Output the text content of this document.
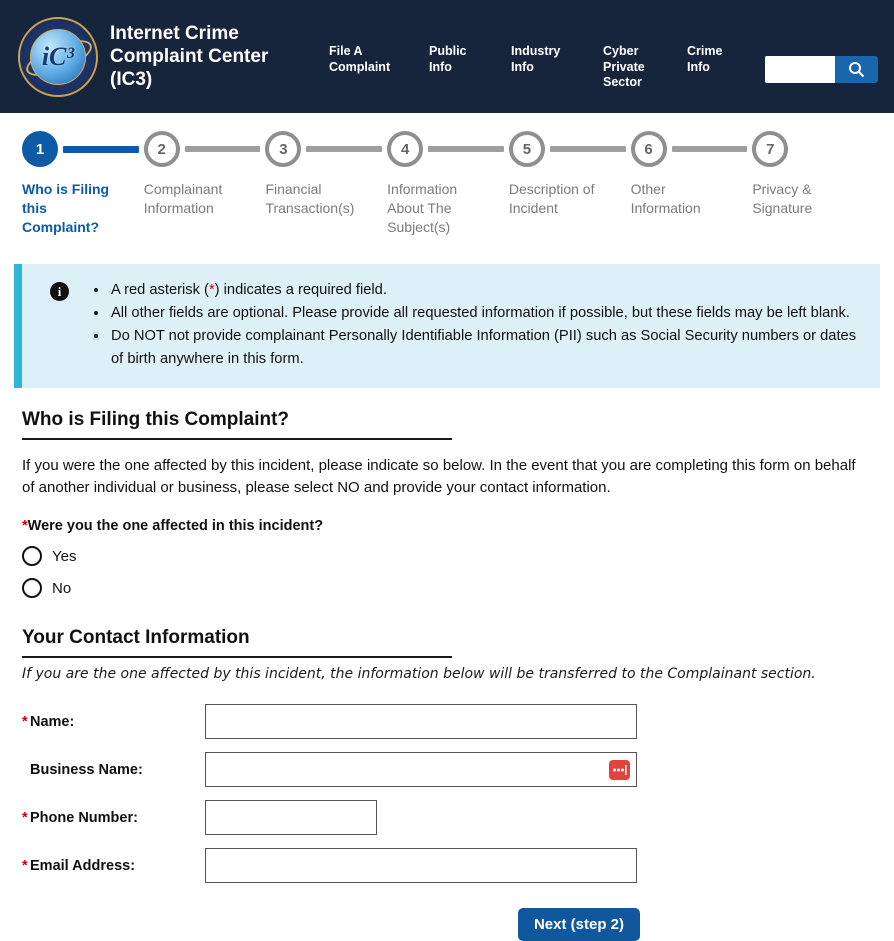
iC³
Internet Crime Complaint Center (IC3)
File A Complaint
Public Info
Industry Info
Cyber Private Sector
Crime Info
1
Who is Filing this Complaint?
2
Complainant Information
3
Financial Transaction(s)
4
Information About The Subject(s)
5
Description of Incident
6
Other Information
7
Privacy & Signature
i	• A red asterisk (*) indicates a required field.
• All other fields are optional. Please provide all requested information if possible, but these fields may be left blank.
• Do NOT not provide complainant Personally Identifiable Information (PII) such as Social Security numbers or dates of birth anywhere in this form.
Who is Filing this Complaint?

If you were the one affected by this incident, please indicate so below. In the event that you are completing this form on behalf of another individual or business, please select NO and provide your contact information.

*Were you the one affected in this incident?
Yes
No
Your Contact Information

If you are the one affected by this incident, the information below will be transferred to the Complainant section.

* Name:
Business Name:
* Phone Number:
* Email Address:
Next (step 2)
